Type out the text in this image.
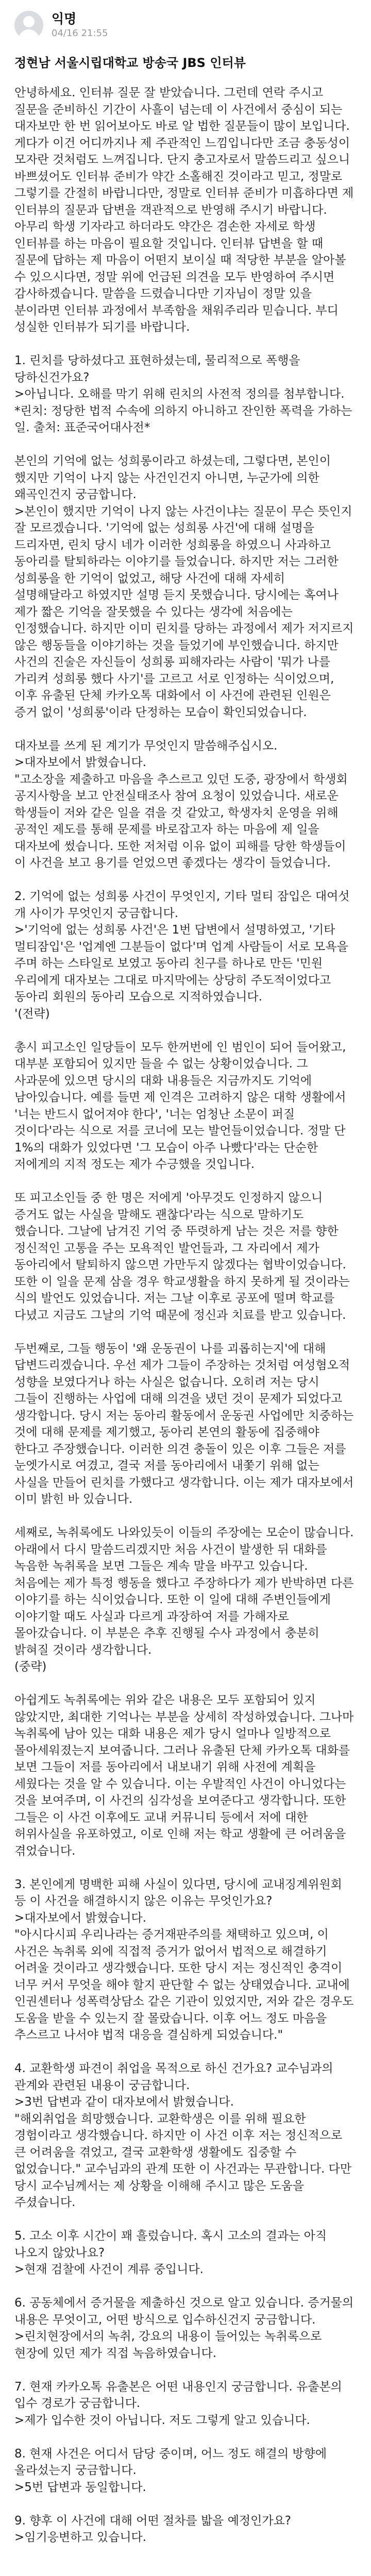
익명
04/16 21:55
정현남 서울시립대학교 방송국 JBS 인터뷰
안녕하세요. 인터뷰 질문 잘 받았습니다. 그런데 연락 주시고 질문을 준비하신 기간이 사흘이 넘는데 이 사건에서 중심이 되는 대자보만 한 번 읽어보아도 바로 알 법한 질문들이 많이 보입니다. 게다가 이건 어디까지나 제 주관적인 느낌입니다만 조금 충동성이 모자란 것처럼도 느껴집니다. 단지 충고자로서 말씀드리고 싶으니 바쁘셨어도 인터뷰 준비가 약간 소홀해진 것이라고 믿고, 정말로 그렇기를 간절히 바랍니다만, 정말로 인터뷰 준비가 미흡하다면 제 인터뷰의 질문과 답변을 객관적으로 반영해 주시기 바랍니다. 아무리 학생 기자라고 하더라도 약간은 겸손한 자세로 학생 인터뷰를 하는 마음이 필요할 것입니다. 인터뷰 답변을 할 때 질문에 답하는 제 마음이 어떤지 보이실 때 적당한 부분을 알아볼 수 있으시다면, 정말 위에 언급된 의견을 모두 반영하여 주시면 감사하겠습니다. 말씀을 드렸습니다만 기자님이 정말 있을 분이라면 인터뷰 과정에서 부족함을 채워주리라 믿습니다. 부디 성실한 인터뷰가 되기를 바랍니다.

1. 린치를 당하셨다고 표현하셨는데, 물리적으로 폭행을 당하신건가요?
>아닙니다. 오해를 막기 위해 린치의 사전적 정의를 첨부합니다.
*린치: 정당한 법적 수속에 의하지 아니하고 잔인한 폭력을 가하는 일. 출처: 표준국어대사전*

본인의 기억에 없는 성희롱이라고 하셨는데, 그렇다면, 본인이 했지만 기억이 나지 않는 사건인건지 아니면, 누군가에 의한 왜곡인건지 궁금합니다.
>본인이 했지만 기억이 나지 않는 사건이냐는 질문이 무슨 뜻인지 잘 모르겠습니다. '기억에 없는 성희롱 사건'에 대해 설명을 드리자면, 린치 당시 네가 이러한 성희롱을 하였으니 사과하고 동아리를 탈퇴하라는 이야기를 들었습니다. 하지만 저는 그러한 성희롱을 한 기억이 없었고, 해당 사건에 대해 자세히 설명해달라고 하였지만 설명 듣지 못했습니다. 당시에는 혹여나 제가 짧은 기억을 잘못했을 수 있다는 생각에 처음에는 인정했습니다. 하지만 이미 린치를 당하는 과정에서 제가 저지르지 않은 행동들을 이야기하는 것을 들었기에 부인했습니다. 하지만 사건의 진술은 자신들이 성희롱 피해자라는 사람이 '뭐가 나를 가리켜 성희롱 했다 사기'를 고르고 서로 인정하는 식이었으며, 이후 유출된 단체 카카오톡 대화에서 이 사건에 관련된 인원은 증거 없이 '성희롱'이라 단정하는 모습이 확인되었습니다.

대자보를 쓰게 된 계기가 무엇인지 말씀해주십시오.
>대자보에서 밝혔습니다.
"고소장을 제출하고 마음을 추스르고 있던 도중, 광장에서 학생회 공지사항을 보고 안전실태조사 참여 요청이 있었습니다. 새로운 학생들이 저와 같은 일을 겪을 것 같았고, 학생자치 운영을 위해 공적인 제도를 통해 문제를 바로잡고자 하는 마음에 제 일을 대자보에 썼습니다. 또한 저처럼 이유 없이 피해를 당한 학생들이 이 사건을 보고 용기를 얻었으면 좋겠다는 생각이 들었습니다.

2. 기억에 없는 성희롱 사건이 무엇인지, 기타 멀티 잠입은 대여섯 개 사이가 무엇인지 궁금합니다.
>'기억에 없는 성희롱 사건'은 1번 답변에서 설명하였고, '기타 멀티잠입'은 '업계엔 그분들이 없다'며 업계 사람들이 서로 모욕을 주며 하는 스타일로 보였고 동아리 친구를 하나로 만든 '민원 우리에게 대자보는 그대로 마지막에는 상당히 주도적이었다고 동아리 회원의 동아리 모습으로 지적하였습니다.
'(전략)

총시 피고소인 일당들이 모두 한꺼번에 인 범인이 되어 들어왔고, 대부분 포함되어 있지만 들을 수 없는 상황이었습니다. 그 사과문에 있으면 당시의 대화 내용들은 지금까지도 기억에 남아있습니다. 예를 들면 제 인격은 고려하지 않은 대학 생활에서 '너는 반드시 없어져야 한다', '너는 엄청난 소문이 퍼질 것이다'라는 식으로 저를 코너에 모는 발언들이었습니다. 정말 단 1%의 대화가 있었다면 '그 모습이 아주 나빴다'라는 단순한 저에게의 지적 정도는 제가 수긍했을 것입니다.

또 피고소인들 중 한 명은 저에게 '아무것도 인정하지 않으니 증거도 없는 사실을 말해도 괜찮다'라는 식으로 말하기도 했습니다. 그날에 남겨진 기억 중 뚜렷하게 남는 것은 저를 향한 정신적인 고통을 주는 모욕적인 발언들과, 그 자리에서 제가 동아리에서 탈퇴하지 않으면 가만두지 않겠다는 협박이었습니다. 또한 이 일을 문제 삼을 경우 학교생활을 하지 못하게 될 것이라는 식의 발언도 있었습니다. 저는 그날 이후로 공포에 떨며 학교를 다녔고 지금도 그날의 기억 때문에 정신과 치료를 받고 있습니다.

두번째로, 그들 행동이 '왜 운동권이 나를 괴롭히는지'에 대해 답변드리겠습니다. 우선 제가 그들이 주장하는 것처럼 여성혐오적 성향을 보였다거나 하는 사실은 없습니다. 오히려 저는 당시 그들이 진행하는 사업에 대해 의견을 냈던 것이 문제가 되었다고 생각합니다. 당시 저는 동아리 활동에서 운동권 사업에만 치중하는 것에 대해 문제를 제기했고, 동아리 본연의 활동에 집중해야 한다고 주장했습니다. 이러한 의견 충돌이 있은 이후 그들은 저를 눈엣가시로 여겼고, 결국 저를 동아리에서 내쫓기 위해 없는 사실을 만들어 린치를 가했다고 생각합니다. 이는 제가 대자보에서 이미 밝힌 바 있습니다.

세째로, 녹취록에도 나와있듯이 이들의 주장에는 모순이 많습니다. 아래에서 다시 말씀드리겠지만 처음 사건이 발생한 뒤 대화를 녹음한 녹취록을 보면 그들은 계속 말을 바꾸고 있습니다. 처음에는 제가 특정 행동을 했다고 주장하다가 제가 반박하면 다른 이야기를 하는 식이었습니다. 또한 이 일에 대해 주변인들에게 이야기할 때도 사실과 다르게 과장하여 저를 가해자로 몰아갔습니다. 이 부분은 추후 진행될 수사 과정에서 충분히 밝혀질 것이라 생각합니다.
(중략)

아쉽게도 녹취록에는 위와 같은 내용은 모두 포함되어 있지 않았지만, 최대한 기억나는 부분을 상세히 작성하였습니다. 그나마 녹취록에 남아 있는 대화 내용은 제가 당시 얼마나 일방적으로 몰아세워졌는지 보여줍니다. 그러나 유출된 단체 카카오톡 대화를 보면 그들이 저를 동아리에서 내보내기 위해 사전에 계획을 세웠다는 것을 알 수 있습니다. 이는 우발적인 사건이 아니었다는 것을 보여주며, 이 사건의 심각성을 보여준다고 생각합니다. 또한 그들은 이 사건 이후에도 교내 커뮤니티 등에서 저에 대한 허위사실을 유포하였고, 이로 인해 저는 학교 생활에 큰 어려움을 겪었습니다.

3. 본인에게 명백한 피해 사실이 있다면, 당시에 교내징계위원회 등 이 사건을 해결하시지 않은 이유는 무엇인가요?
>대자보에서 밝혔습니다.
"아시다시피 우리나라는 증거재판주의를 채택하고 있으며, 이 사건은 녹취록 외에 직접적 증거가 없어서 법적으로 해결하기 어려울 것이라고 생각했습니다. 또한 당시 저는 정신적인 충격이 너무 커서 무엇을 해야 할지 판단할 수 없는 상태였습니다. 교내에 인권센터나 성폭력상담소 같은 기관이 있었지만, 저와 같은 경우도 도움을 받을 수 있는지 잘 몰랐습니다. 이후 어느 정도 마음을 추스르고 나서야 법적 대응을 결심하게 되었습니다."

4. 교환학생 파견이 취업을 목적으로 하신 건가요? 교수님과의 관계와 관련된 내용이 궁금합니다.
>3번 답변과 같이 대자보에서 밝혔습니다.
"해외취업을 희망했습니다. 교환학생은 이를 위해 필요한 경험이라고 생각했습니다. 하지만 이 사건 이후 저는 정신적으로 큰 어려움을 겪었고, 결국 교환학생 생활에도 집중할 수 없었습니다." 교수님과의 관계 또한 이 사건과는 무관합니다. 다만 당시 교수님께서는 제 상황을 이해해 주시고 많은 도움을 주셨습니다.

5. 고소 이후 시간이 꽤 흘렀습니다. 혹시 고소의 결과는 아직 나오지 않았나요?
>현재 검찰에 사건이 계류 중입니다.

6. 공동체에서 증거물을 제출하신 것으로 알고 있습니다. 증거물의 내용은 무엇이고, 어떤 방식으로 입수하신건지 궁금합니다.
>린치현장에서의 녹취, 강요의 내용이 들어있는 녹취록으로 현장에 있던 제가 직접 녹음하였습니다.

7. 현재 카카오톡 유출본은 어떤 내용인지 궁금합니다. 유출본의 입수 경로가 궁금합니다.
>제가 입수한 것이 아닙니다. 저도 그렇게 알고 있습니다.

8. 현재 사건은 어디서 담당 중이며, 어느 정도 해결의 방향에 올라섰는지 궁금합니다.
>5번 답변과 동일합니다.

9. 향후 이 사건에 대해 어떤 절차를 밟을 예정인가요?
>임기응변하고 있습니다.
